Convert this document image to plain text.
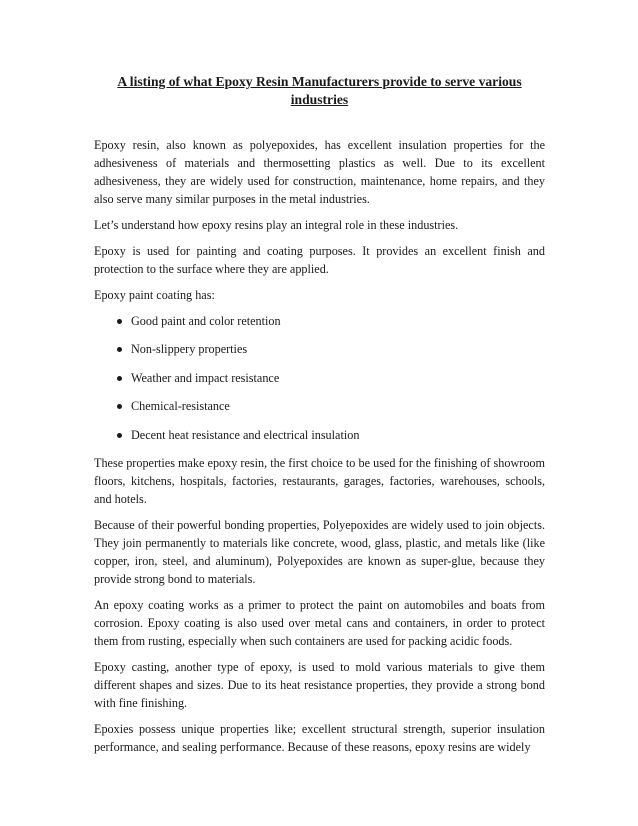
A listing of what Epoxy Resin Manufacturers provide to serve various industries

Epoxy resin, also known as polyepoxides, has excellent insulation properties for the adhesiveness of materials and thermosetting plastics as well. Due to its excellent adhesiveness, they are widely used for construction, maintenance, home repairs, and they also serve many similar purposes in the metal industries.

Let’s understand how epoxy resins play an integral role in these industries.

Epoxy is used for painting and coating purposes. It provides an excellent finish and protection to the surface where they are applied.

Epoxy paint coating has:

Good paint and color retention
Non-slippery properties
Weather and impact resistance
Chemical-resistance
Decent heat resistance and electrical insulation

These properties make epoxy resin, the first choice to be used for the finishing of showroom floors, kitchens, hospitals, factories, restaurants, garages, factories, warehouses, schools, and hotels.

Because of their powerful bonding properties, Polyepoxides are widely used to join objects. They join permanently to materials like concrete, wood, glass, plastic, and metals like (like copper, iron, steel, and aluminum), Polyepoxides are known as super-glue, because they provide strong bond to materials.

An epoxy coating works as a primer to protect the paint on automobiles and boats from corrosion. Epoxy coating is also used over metal cans and containers, in order to protect them from rusting, especially when such containers are used for packing acidic foods.

Epoxy casting, another type of epoxy, is used to mold various materials to give them different shapes and sizes. Due to its heat resistance properties, they provide a strong bond with fine finishing.

Epoxies possess unique properties like; excellent structural strength, superior insulation performance, and sealing performance. Because of these reasons, epoxy resins are widely
